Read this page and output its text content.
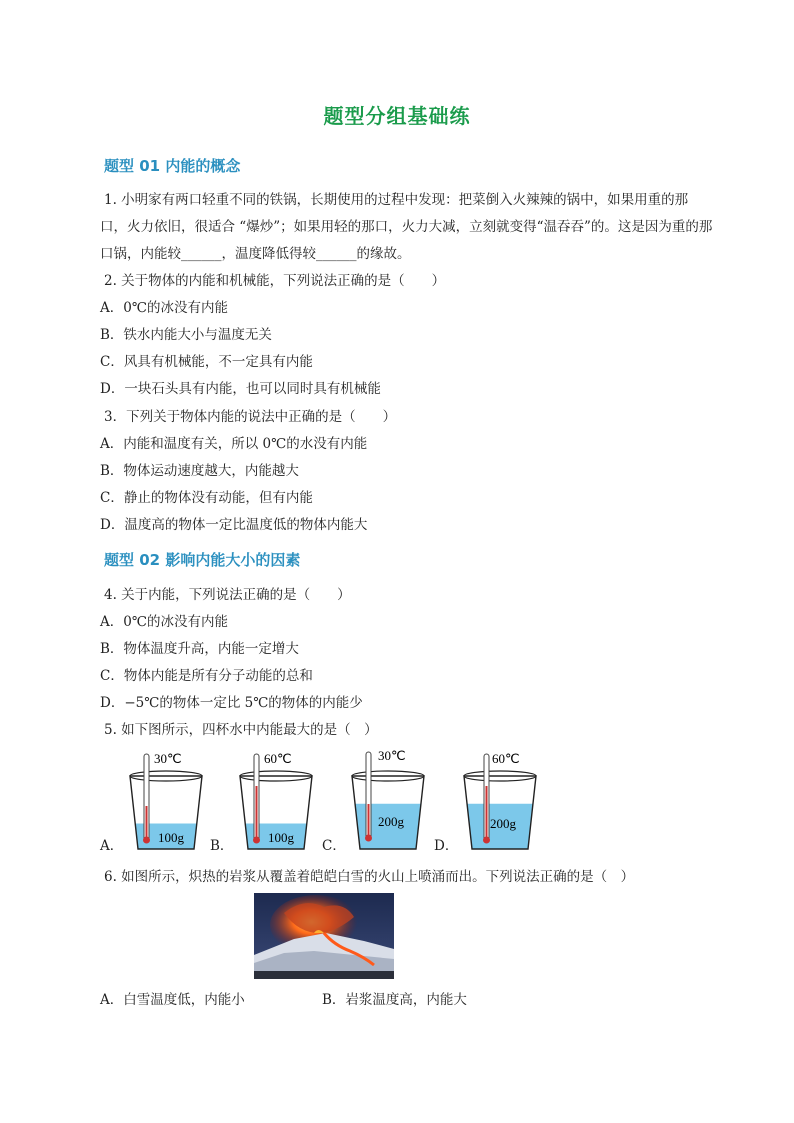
题型分组基础练
题型 01 内能的概念
1. 小明家有两口轻重不同的铁锅，长期使用的过程中发现：把菜倒入火辣辣的锅中，如果用重的那
口，火力依旧，很适合 “爆炒”；如果用轻的那口，火力大减，立刻就变得“温吞吞”的。这是因为重的那
口锅，内能较______，温度降低得较______的缘故。
2. 关于物体的内能和机械能，下列说法正确的是（　　）
A．0℃的冰没有内能
B．铁水内能大小与温度无关
C．风具有机械能，不一定具有内能
D．一块石头具有内能，也可以同时具有机械能
3．下列关于物体内能的说法中正确的是（　　）
A．内能和温度有关，所以 0℃的水没有内能
B．物体运动速度越大，内能越大
C．静止的物体没有动能，但有内能
D．温度高的物体一定比温度低的物体内能大
题型 02 影响内能大小的因素
4. 关于内能，下列说法正确的是（　　）
A．0℃的冰没有内能
B．物体温度升高，内能一定增大
C．物体内能是所有分子动能的总和
D．−5℃的物体一定比 5℃的物体的内能少
5. 如下图所示，四杯水中内能最大的是（　）
A．
30℃
100g
B．
60℃
100g
C．
30℃
200g
D．
60℃
200g
6. 如图所示，炽热的岩浆从覆盖着皑皑白雪的火山上喷涌而出。下列说法正确的是（　）
A．白雪温度低，内能小	B．岩浆温度高，内能大
